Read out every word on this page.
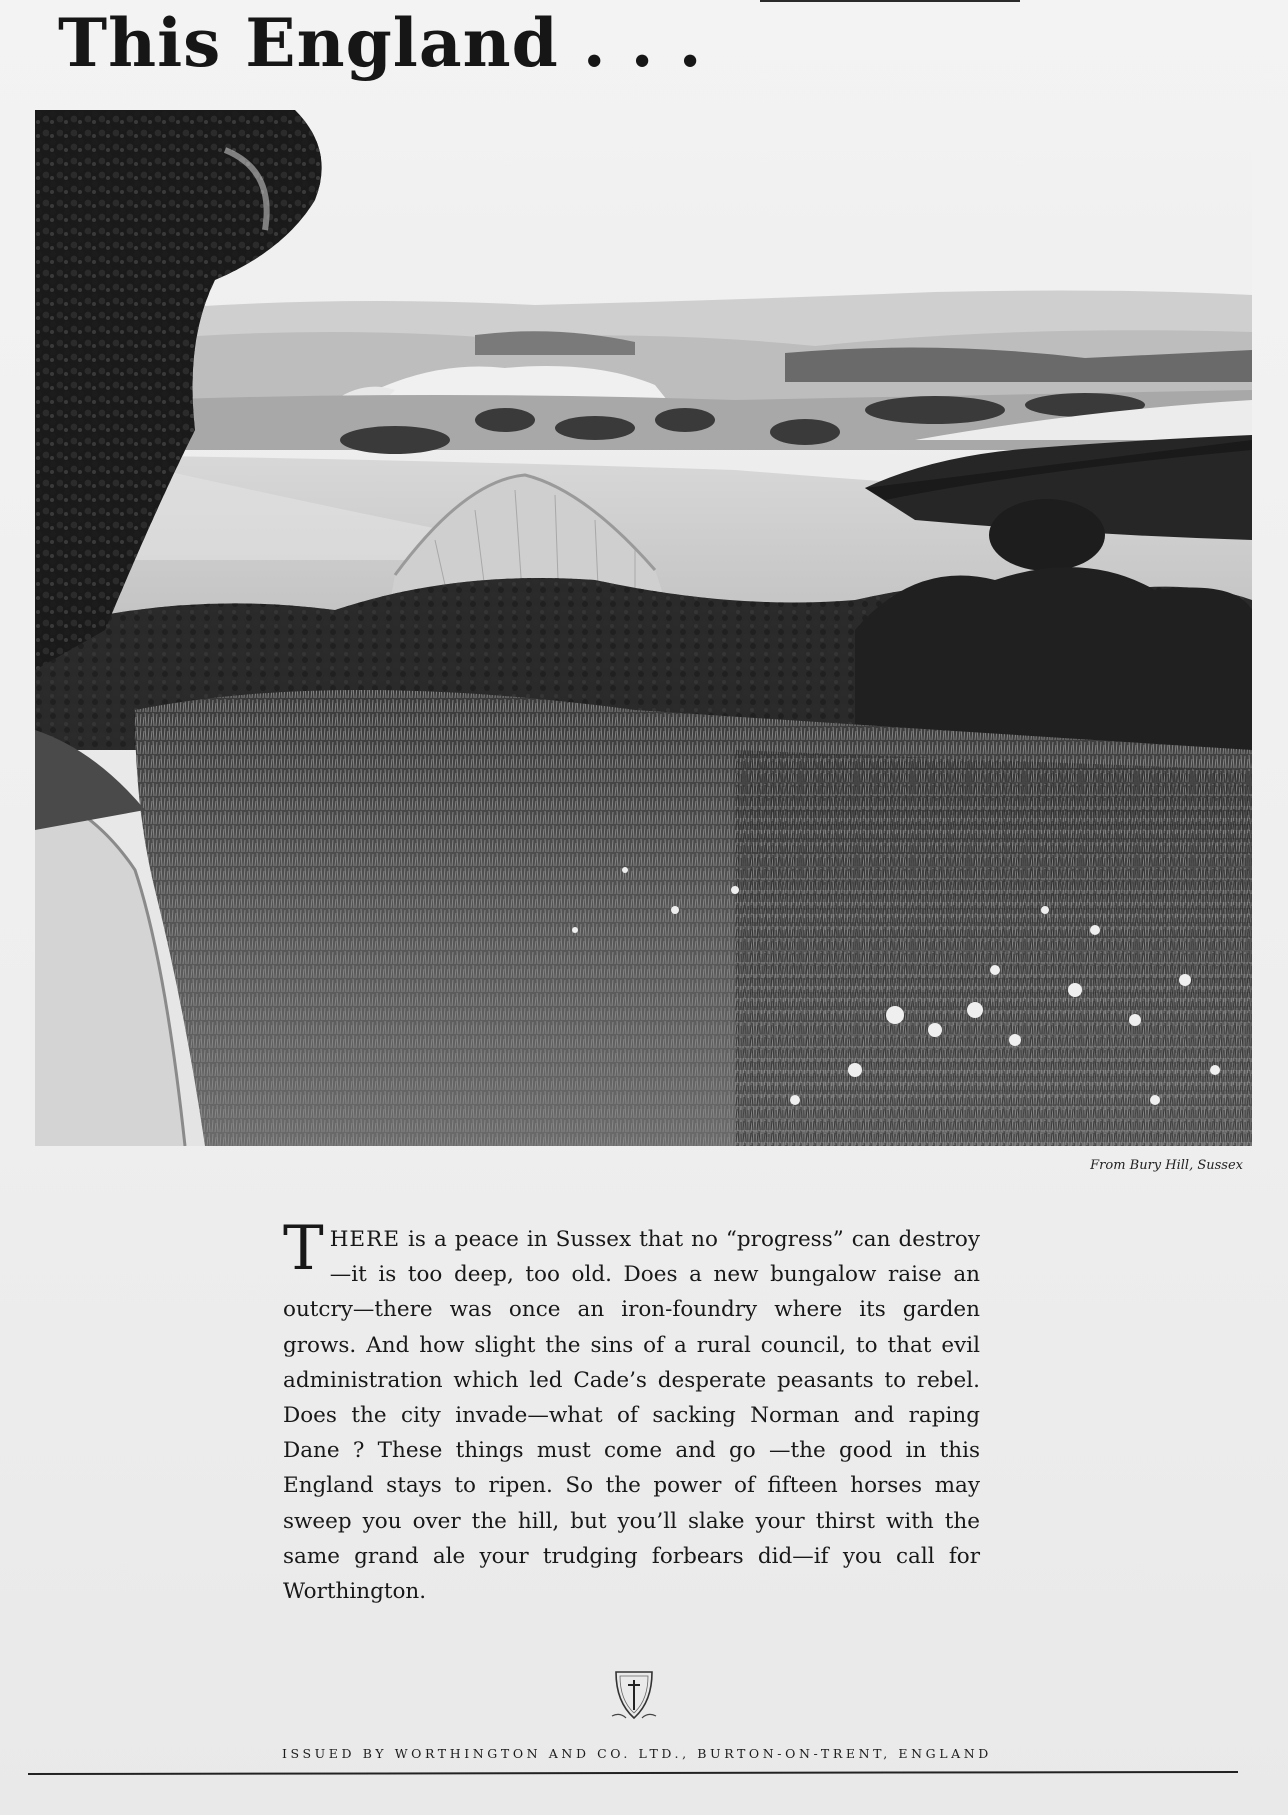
This England . . .
From Bury Hill, Sussex
THERE is a peace in Sussex that no “progress” can destroy—it is too deep, too old. Does a new bungalow raise an outcry—there was once an iron-foundry where its garden grows. And how slight the sins of a rural council, to that evil administration which led Cade’s desperate peasants to rebel. Does the city invade—what of sacking Norman and raping Dane ? These things must come and go —the good in this England stays to ripen. So the power of fifteen horses may sweep you over the hill, but you’ll slake your thirst with the same grand ale your trudging forbears did—if you call for Worthington.
ISSUED BY WORTHINGTON AND CO. LTD., BURTON-ON-TRENT, ENGLAND
